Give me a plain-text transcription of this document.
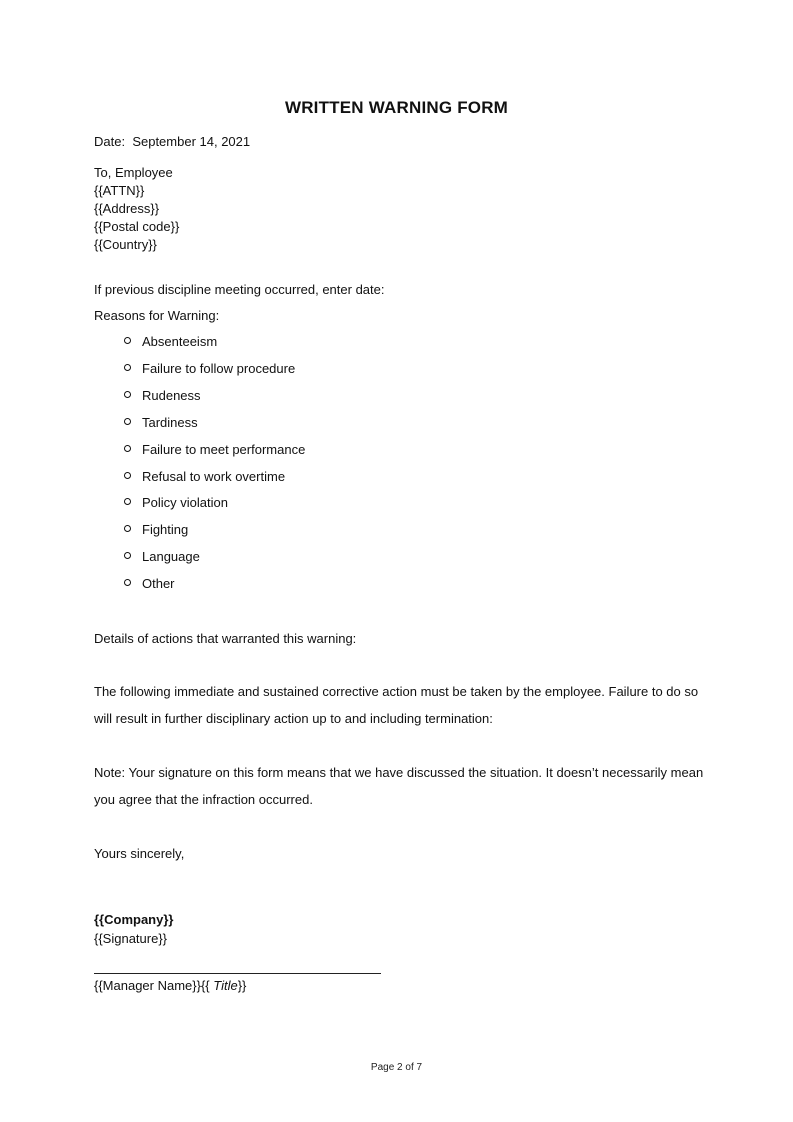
WRITTEN WARNING FORM
Date: September 14, 2021
To, Employee
{{ATTN}}
{{Address}}
{{Postal code}}
{{Country}}
If previous discipline meeting occurred, enter date:
Reasons for Warning:
Absenteeism
Failure to follow procedure
Rudeness
Tardiness
Failure to meet performance
Refusal to work overtime
Policy violation
Fighting
Language
Other
Details of actions that warranted this warning:
The following immediate and sustained corrective action must be taken by the employee. Failure to do so will result in further disciplinary action up to and including termination:
Note: Your signature on this form means that we have discussed the situation. It doesn’t necessarily mean you agree that the infraction occurred.
Yours sincerely,
{{Company}}
{{Signature}}
{{Manager Name}}{{ Title}}
Page 2 of 7
